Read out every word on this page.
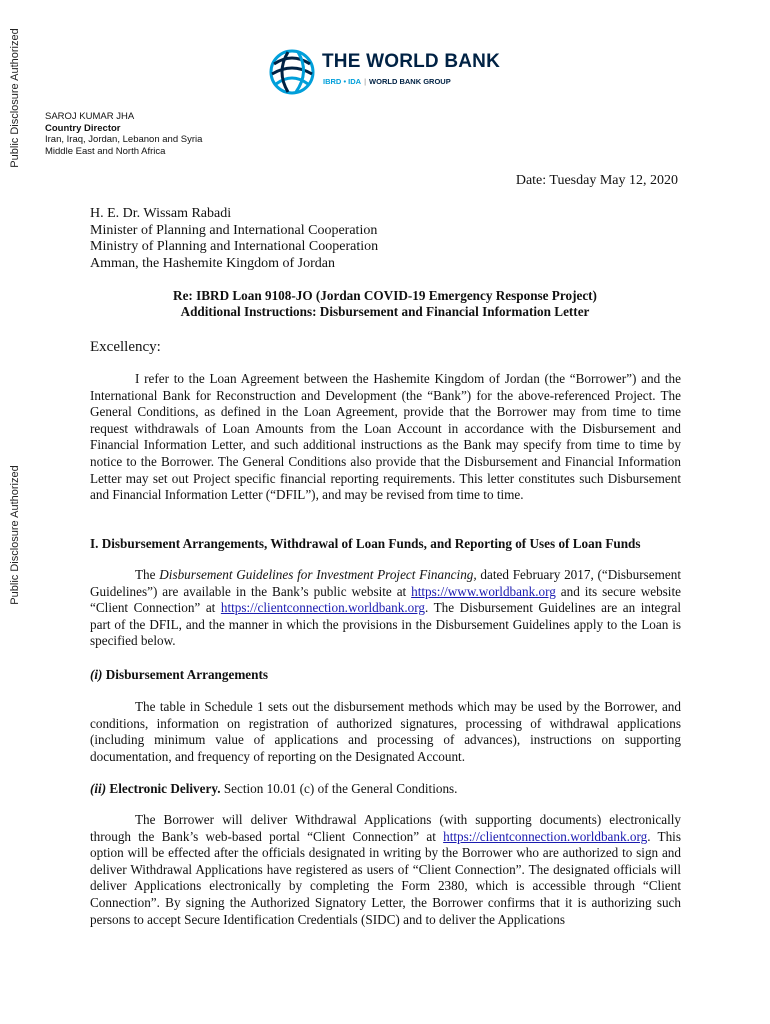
Public Disclosure Authorized
Public Disclosure Authorized
THE WORLD BANK
IBRD • IDA | WORLD BANK GROUP
SAROJ KUMAR JHA
Country Director
Iran, Iraq, Jordan, Lebanon and Syria
Middle East and North Africa
Date: Tuesday May 12, 2020
H. E. Dr. Wissam Rabadi
Minister of Planning and International Cooperation
Ministry of Planning and International Cooperation
Amman, the Hashemite Kingdom of Jordan
Re: IBRD Loan 9108-JO (Jordan COVID-19 Emergency Response Project)
Additional Instructions: Disbursement and Financial Information Letter
Excellency:
I refer to the Loan Agreement between the Hashemite Kingdom of Jordan (the “Borrower”) and the International Bank for Reconstruction and Development (the “Bank”) for the above-referenced Project. The General Conditions, as defined in the Loan Agreement, provide that the Borrower may from time to time request withdrawals of Loan Amounts from the Loan Account in accordance with the Disbursement and Financial Information Letter, and such additional instructions as the Bank may specify from time to time by notice to the Borrower. The General Conditions also provide that the Disbursement and Financial Information Letter may set out Project specific financial reporting requirements. This letter constitutes such Disbursement and Financial Information Letter (“DFIL”), and may be revised from time to time.
I. Disbursement Arrangements, Withdrawal of Loan Funds, and Reporting of Uses of Loan Funds
The Disbursement Guidelines for Investment Project Financing, dated February 2017, (“Disbursement Guidelines”) are available in the Bank’s public website at https://www.worldbank.org and its secure website “Client Connection” at https://clientconnection.worldbank.org. The Disbursement Guidelines are an integral part of the DFIL, and the manner in which the provisions in the Disbursement Guidelines apply to the Loan is specified below.
(i) Disbursement Arrangements
The table in Schedule 1 sets out the disbursement methods which may be used by the Borrower, and conditions, information on registration of authorized signatures, processing of withdrawal applications (including minimum value of applications and processing of advances), instructions on supporting documentation, and frequency of reporting on the Designated Account.
(ii) Electronic Delivery. Section 10.01 (c) of the General Conditions.
The Borrower will deliver Withdrawal Applications (with supporting documents) electronically through the Bank’s web-based portal “Client Connection” at https://clientconnection.worldbank.org. This option will be effected after the officials designated in writing by the Borrower who are authorized to sign and deliver Withdrawal Applications have registered as users of “Client Connection”. The designated officials will deliver Applications electronically by completing the Form 2380, which is accessible through “Client Connection”. By signing the Authorized Signatory Letter, the Borrower confirms that it is authorizing such persons to accept Secure Identification Credentials (SIDC) and to deliver the Applications
